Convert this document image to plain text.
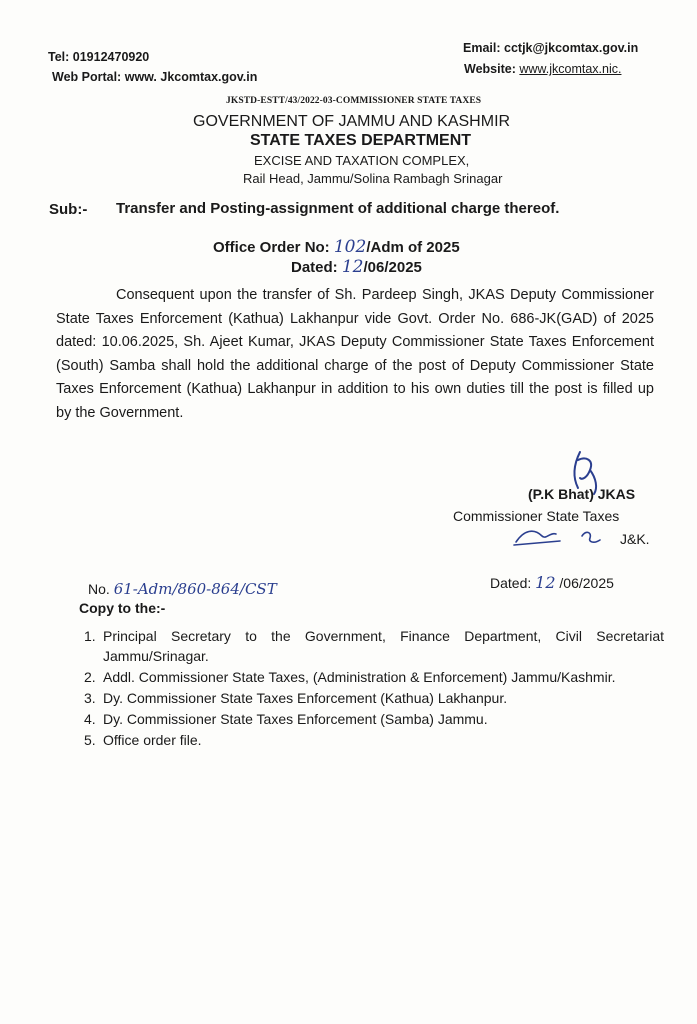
Tel: 01912470920
Web Portal: www. Jkcomtax.gov.in
Email: cctjk@jkcomtax.gov.in
Website: www.jkcomtax.nic.
JKSTD-ESTT/43/2022-03-COMMISSIONER STATE TAXES
GOVERNMENT OF JAMMU AND KASHMIR
STATE TAXES DEPARTMENT
EXCISE AND TAXATION COMPLEX,
Rail Head, Jammu/Solina Rambagh Srinagar
Sub:- Transfer and Posting-assignment of additional charge thereof.
Office Order No: 102/Adm of 2025
Dated: 12/06/2025
Consequent upon the transfer of Sh. Pardeep Singh, JKAS Deputy Commissioner State Taxes Enforcement (Kathua) Lakhanpur vide Govt. Order No. 686-JK(GAD) of 2025 dated: 10.06.2025, Sh. Ajeet Kumar, JKAS Deputy Commissioner State Taxes Enforcement (South) Samba shall hold the additional charge of the post of Deputy Commissioner State Taxes Enforcement (Kathua) Lakhanpur in addition to his own duties till the post is filled up by the Government.
(P.K Bhat) JKAS
Commissioner State Taxes
J&K.
No. 61-Adm/860-864/CST	Dated: 12 /06/2025
Copy to the:-
1. Principal Secretary to the Government, Finance Department, Civil Secretariat Jammu/Srinagar.
2. Addl. Commissioner State Taxes, (Administration & Enforcement) Jammu/Kashmir.
3. Dy. Commissioner State Taxes Enforcement (Kathua) Lakhanpur.
4. Dy. Commissioner State Taxes Enforcement (Samba) Jammu.
5. Office order file.
